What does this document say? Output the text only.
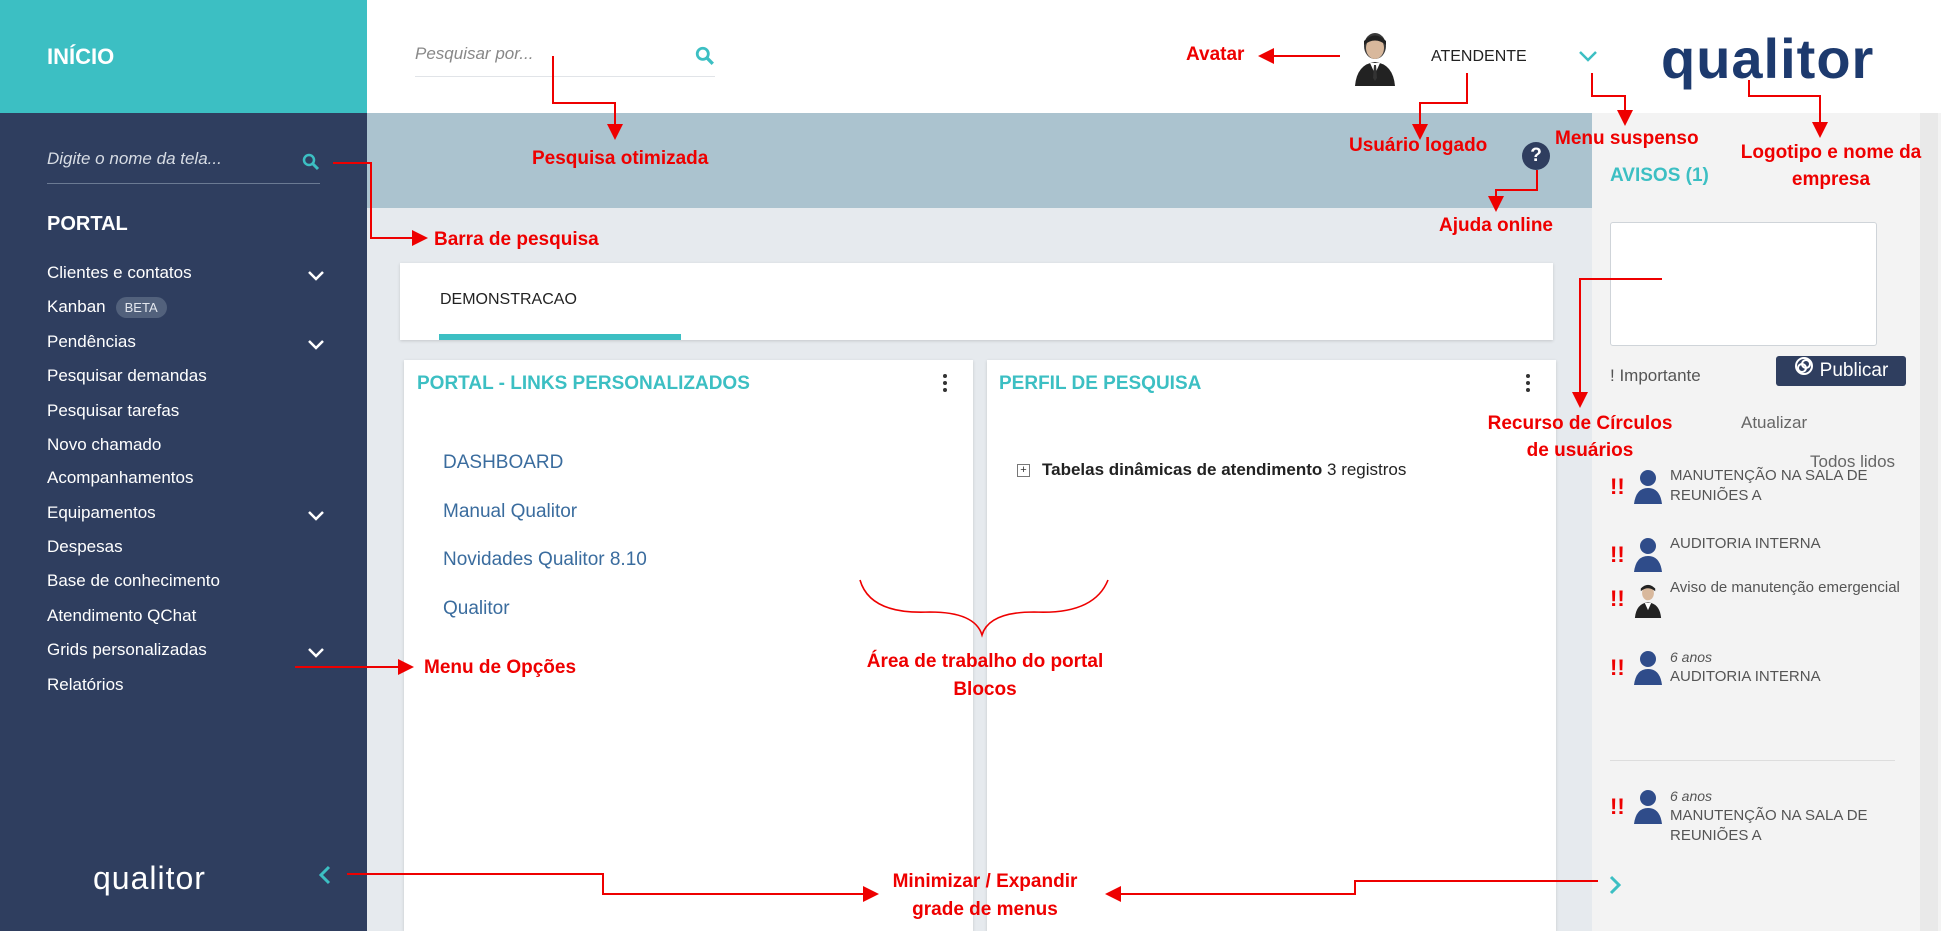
INÍCIO
Digite o nome da tela...
PORTAL
Clientes e contatos
Kanban BETA
Pendências
Pesquisar demandas
Pesquisar tarefas
Novo chamado
Acompanhamentos
Equipamentos
Despesas
Base de conhecimento
Atendimento QChat
Grids personalizadas
Relatórios
qualitor
Pesquisar por...
ATENDENTE qualitor
?
DEMONSTRACAO
PORTAL - LINKS PERSONALIZADOS
DASHBOARD
Manual Qualitor
Novidades Qualitor 8.10
Qualitor
PERFIL DE PESQUISA
+ Tabelas dinâmicas de atendimento 3 registros
AVISOS (1)
! Importante	Publicar
Atualizar
Todos lidos
!!	MANUTENÇÃO NA SALA DE REUNIÕES A
!!	AUDITORIA INTERNA
!!	Aviso de manutenção emergencial
!!	6 anos
AUDITORIA INTERNA
!!	6 anos
MANUTENÇÃO NA SALA DE REUNIÕES A
Avatar
Pesquisa otimizada
Usuário logado	Menu suspenso
Logotipo e nome da empresa
Ajuda online
Barra de pesquisa
Recurso de Círculos de usuários
Área de trabalho do portal Blocos
Menu de Opções
Minimizar / Expandir grade de menus
